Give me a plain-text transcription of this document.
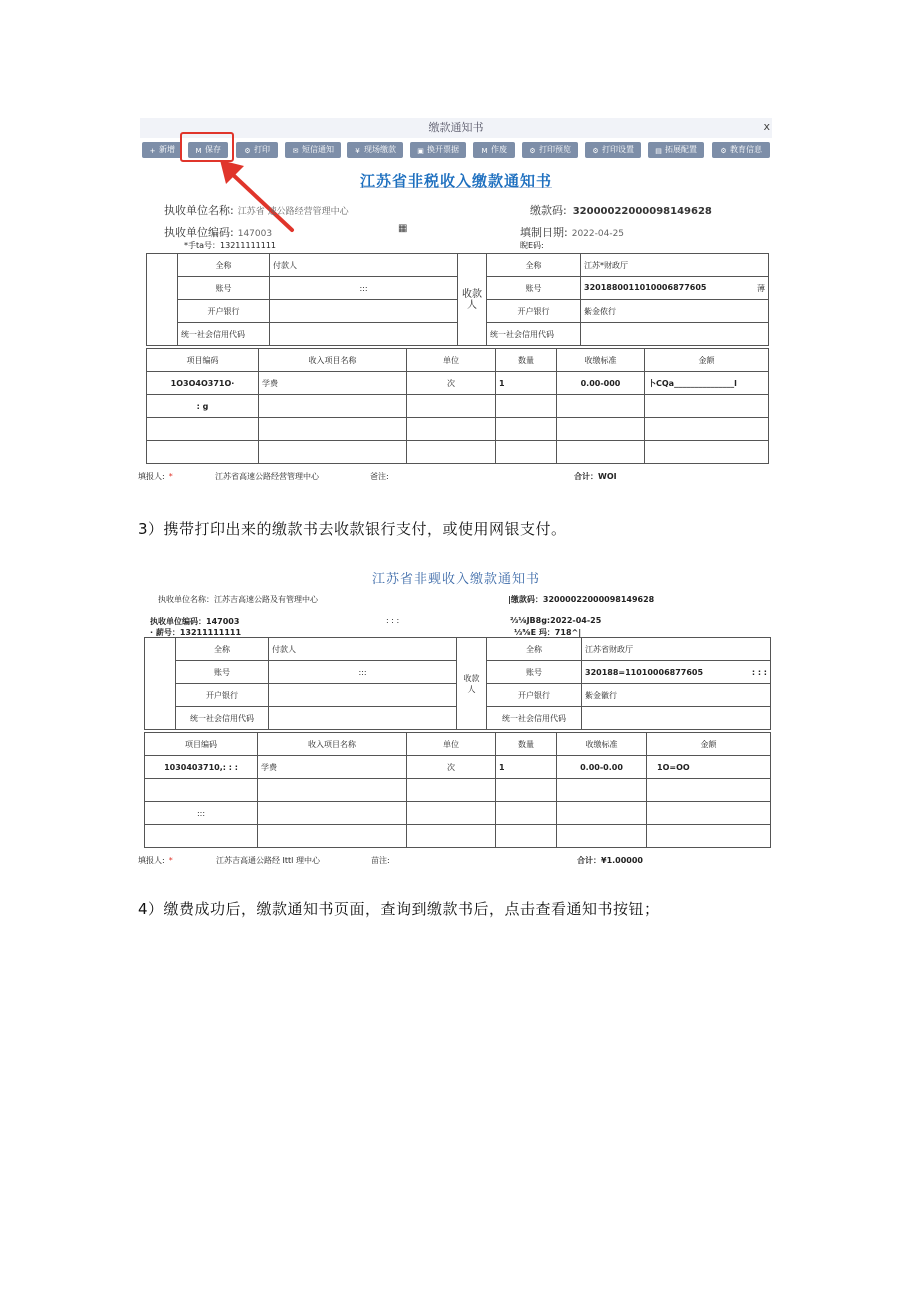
缴款通知书	x
+ 新增	M 保存	⚙ 打印	✉ 短信通知	¥ 现场缴款	▣ 换开票据	M 作废	⚙ 打印预览	⚙ 打印设置	▤ 拓展配置	⚙ 教育信息
江苏省非税收入缴款通知书
执收单位名称: 江苏省 速公路经营管理中心	缴款码: 3200002200009814962​8
执收单位编码: 147003	▦	填制日期: 2022-04-25
*手ta号：13211111111	睨E码:
	全称	付款人	收款人	全称	江苏*财政厅
	账号	:::		账号	320188001101000​6877605 薄

	开户银行			开户银行	紫金侬行
	统一社会信用代码			统一社会信用代码	
项目编码	收入项目名称	单位	数量	收缴标准	金额
1O3O4O371O·	学费	次	1	0.00-000	卜CQa_______________l
: g					

填报人: *	江苏省高速公路经营管理中心	爸注:	合计：WOI
3）携带打印出来的缴款书去收款银行支付，或使用网银支付。
江苏省非觋收入缴款通知书
执收单位名称：江苏吉高速公路及有管理中心	|缴款码：32000022000098149628
执收单位编码：147003	: : :	⅔⅛JB8g:2022-04-25
· 薪号：13211111111	⅓⅝E 玛：718^|
	全称	付款人	收款人	全称	江苏省财政厅
	账号	:::		账号	320188=11010006877605 : : :

	开户银行			开户银行	紫金徽行
	统一社会信用代码			统一社会信用代码	
项目编码	收入项目名称	单位	数量	收缴标准	金额
1030403710,: : :	学费	次	1	0.00-0.00	1O=OO

:::					

填报人: *	江苏吉高通公路经 Ittl 理中心	苗注:	合计：¥1.00000
4）缴费成功后，缴款通知书页面，查询到缴款书后，点击查看通知书按钮；
